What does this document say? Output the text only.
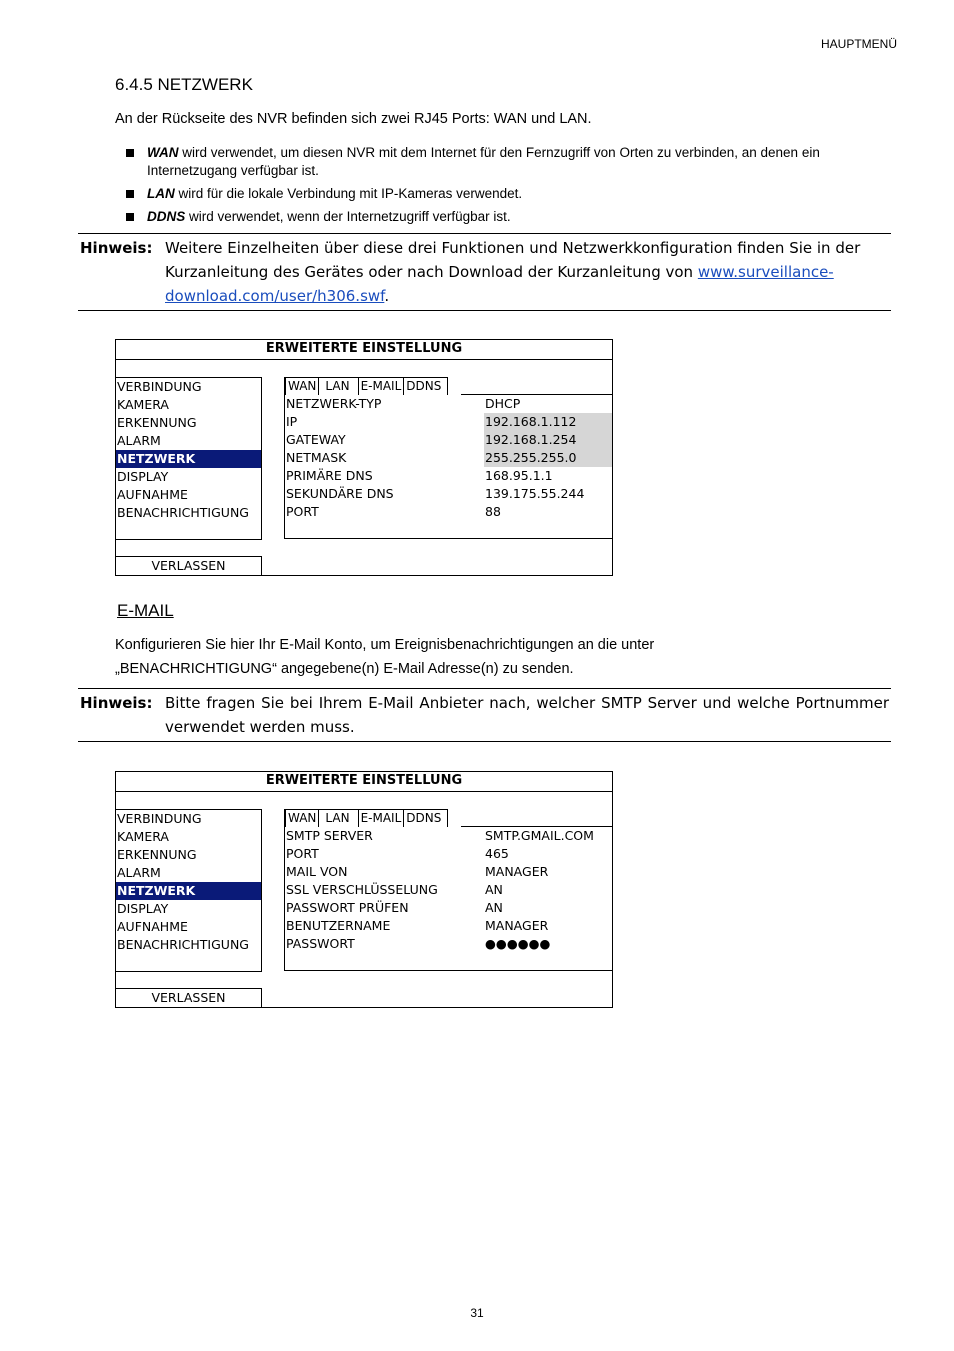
HAUPTMENÜ
6.4.5 NETZWERK
An der Rückseite des NVR befinden sich zwei RJ45 Ports: WAN und LAN.
WAN wird verwendet, um diesen NVR mit dem Internet für den Fernzugriff von Orten zu verbinden, an denen ein Internetzugang verfügbar ist.
LAN wird für die lokale Verbindung mit IP-Kameras verwendet.
DDNS wird verwendet, wenn der Internetzugriff verfügbar ist.
Hinweis: Weitere Einzelheiten über diese drei Funktionen und Netzwerkkonfiguration finden Sie in der Kurzanleitung des Gerätes oder nach Download der Kurzanleitung von www.surveillance-download.com/user/h306.swf.
ERWEITERTE EINSTELLUNG
VERBINDUNG
KAMERA
ERKENNUNG
ALARM
NETZWERK
DISPLAY
AUFNAHME
BENACHRICHTIGUNG
WAN LAN E-MAIL DDNS
NETZWERK-TYP	DHCP
IP	192.168.1.112
GATEWAY	192.168.1.254
NETMASK	255.255.255.0
PRIMÄRE DNS	168.95.1.1
SEKUNDÄRE DNS	139.175.55.244
PORT	88
VERLASSEN
E-MAIL
Konfigurieren Sie hier Ihr E-Mail Konto, um Ereignisbenachrichtigungen an die unter
„BENACHRICHTIGUNG“ angegebene(n) E-Mail Adresse(n) zu senden.
Hinweis: Bitte fragen Sie bei Ihrem E-Mail Anbieter nach, welcher SMTP Server und welche Portnummer verwendet werden muss.
ERWEITERTE EINSTELLUNG
VERBINDUNG
KAMERA
ERKENNUNG
ALARM
NETZWERK
DISPLAY
AUFNAHME
BENACHRICHTIGUNG
WAN LAN E-MAIL DDNS
SMTP SERVER	SMTP.GMAIL.COM
PORT	465
MAIL VON	MANAGER
SSL VERSCHLÜSSELUNG	AN
PASSWORT PRÜFEN	AN
BENUTZERNAME	MANAGER
PASSWORT	●●●●●●
VERLASSEN
31
